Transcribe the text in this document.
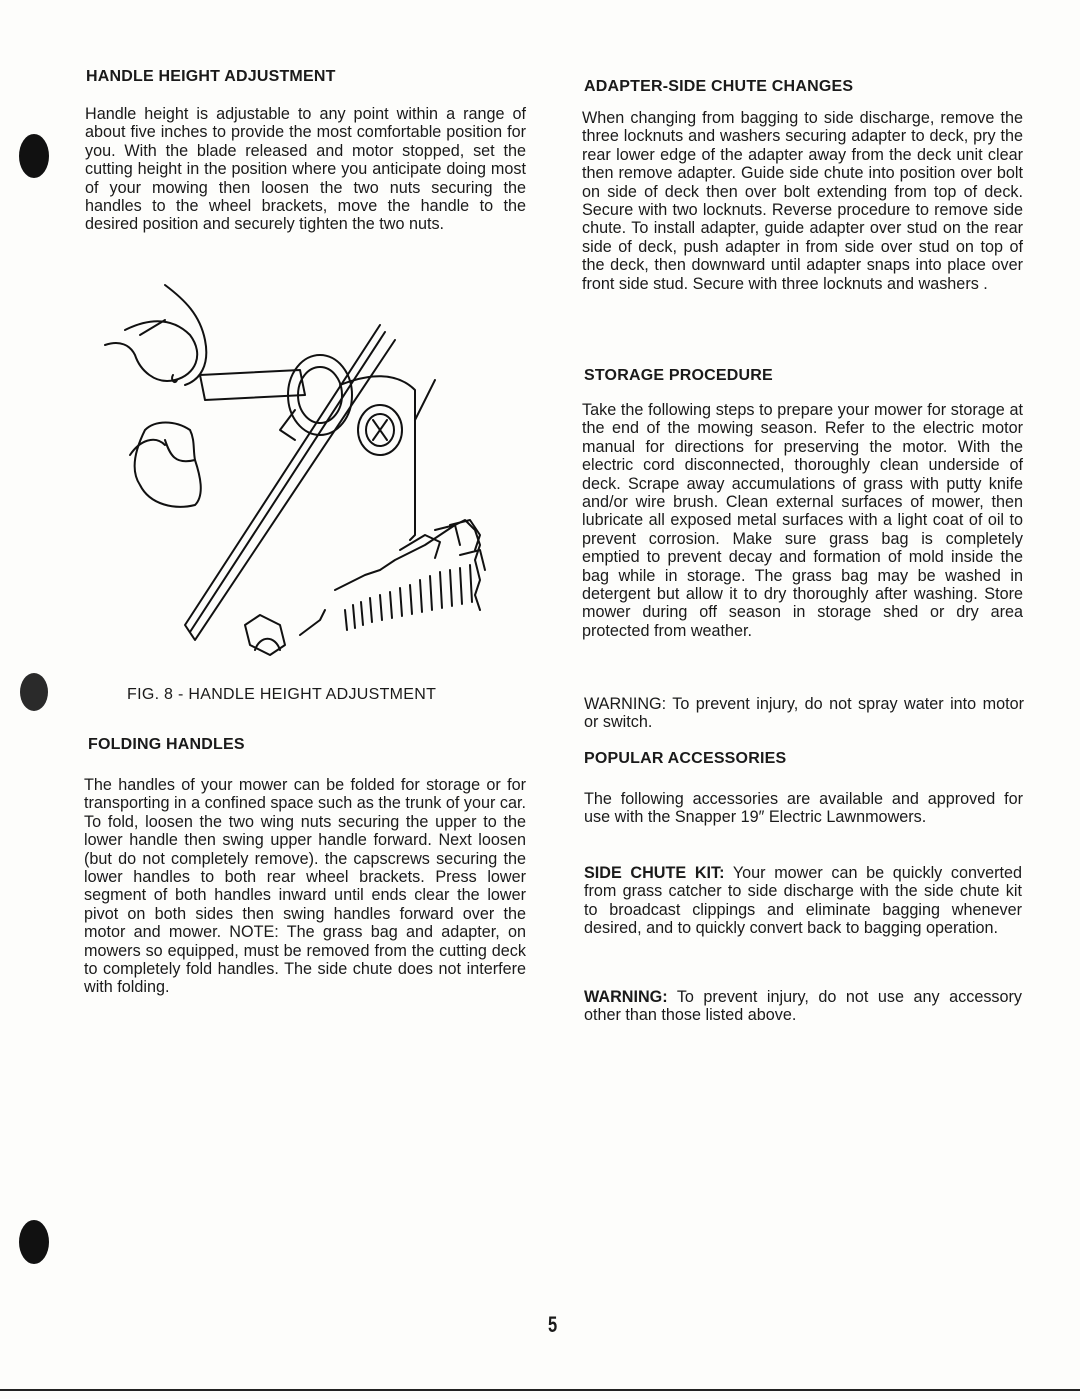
HANDLE HEIGHT ADJUSTMENT

Handle height is adjustable to any point within a range of about five inches to provide the most comfortable position for you. With the blade released and motor stopped, set the cutting height in the position where you anticipate doing most of your mowing then loosen the two nuts securing the handles to the wheel brackets, move the handle to the desired position and securely tighten the two nuts.

FIG. 8 - HANDLE HEIGHT ADJUSTMENT

FOLDING HANDLES

The handles of your mower can be folded for storage or for transporting in a confined space such as the trunk of your car. To fold, loosen the two wing nuts securing the upper to the lower handle then swing upper handle forward. Next loosen (but do not completely remove). the capscrews securing the lower handles to both rear wheel brackets. Press lower segment of both handles inward until ends clear the lower pivot on both sides then swing handles forward over the motor and mower. NOTE: The grass bag and adapter, on mowers so equipped, must be removed from the cutting deck to completely fold handles. The side chute does not interfere with folding.

ADAPTER-SIDE CHUTE CHANGES

When changing from bagging to side discharge, remove the three locknuts and washers securing adapter to deck, pry the rear lower edge of the adapter away from the deck unit clear then remove adapter. Guide side chute into position over bolt on side of deck then over bolt extending from top of deck. Secure with two locknuts. Reverse procedure to remove side chute. To install adapter, guide adapter over stud on the rear side of deck, push adapter in from side over stud on top of the deck, then downward until adapter snaps into place over front side stud. Secure with three locknuts and washers .

STORAGE PROCEDURE

Take the following steps to prepare your mower for storage at the end of the mowing season. Refer to the electric motor manual for directions for preserving the motor. With the electric cord disconnected, thoroughly clean underside of deck. Scrape away accumulations of grass with putty knife and/or wire brush. Clean external surfaces of mower, then lubricate all exposed metal surfaces with a light coat of oil to prevent corrosion. Make sure grass bag is completely emptied to prevent decay and formation of mold inside the bag while in storage. The grass bag may be washed in detergent but allow it to dry thoroughly after washing. Store mower during off season in storage shed or dry area protected from weather.

WARNING: To prevent injury, do not spray water into motor or switch.

POPULAR ACCESSORIES

The following accessories are available and approved for use with the Snapper 19″ Electric Lawnmowers.

SIDE CHUTE KIT: Your mower can be quickly converted from grass catcher to side discharge with the side chute kit to broadcast clippings and eliminate bagging whenever desired, and to quickly convert back to bagging operation.

WARNING: To prevent injury, do not use any accessory other than those listed above.

5
